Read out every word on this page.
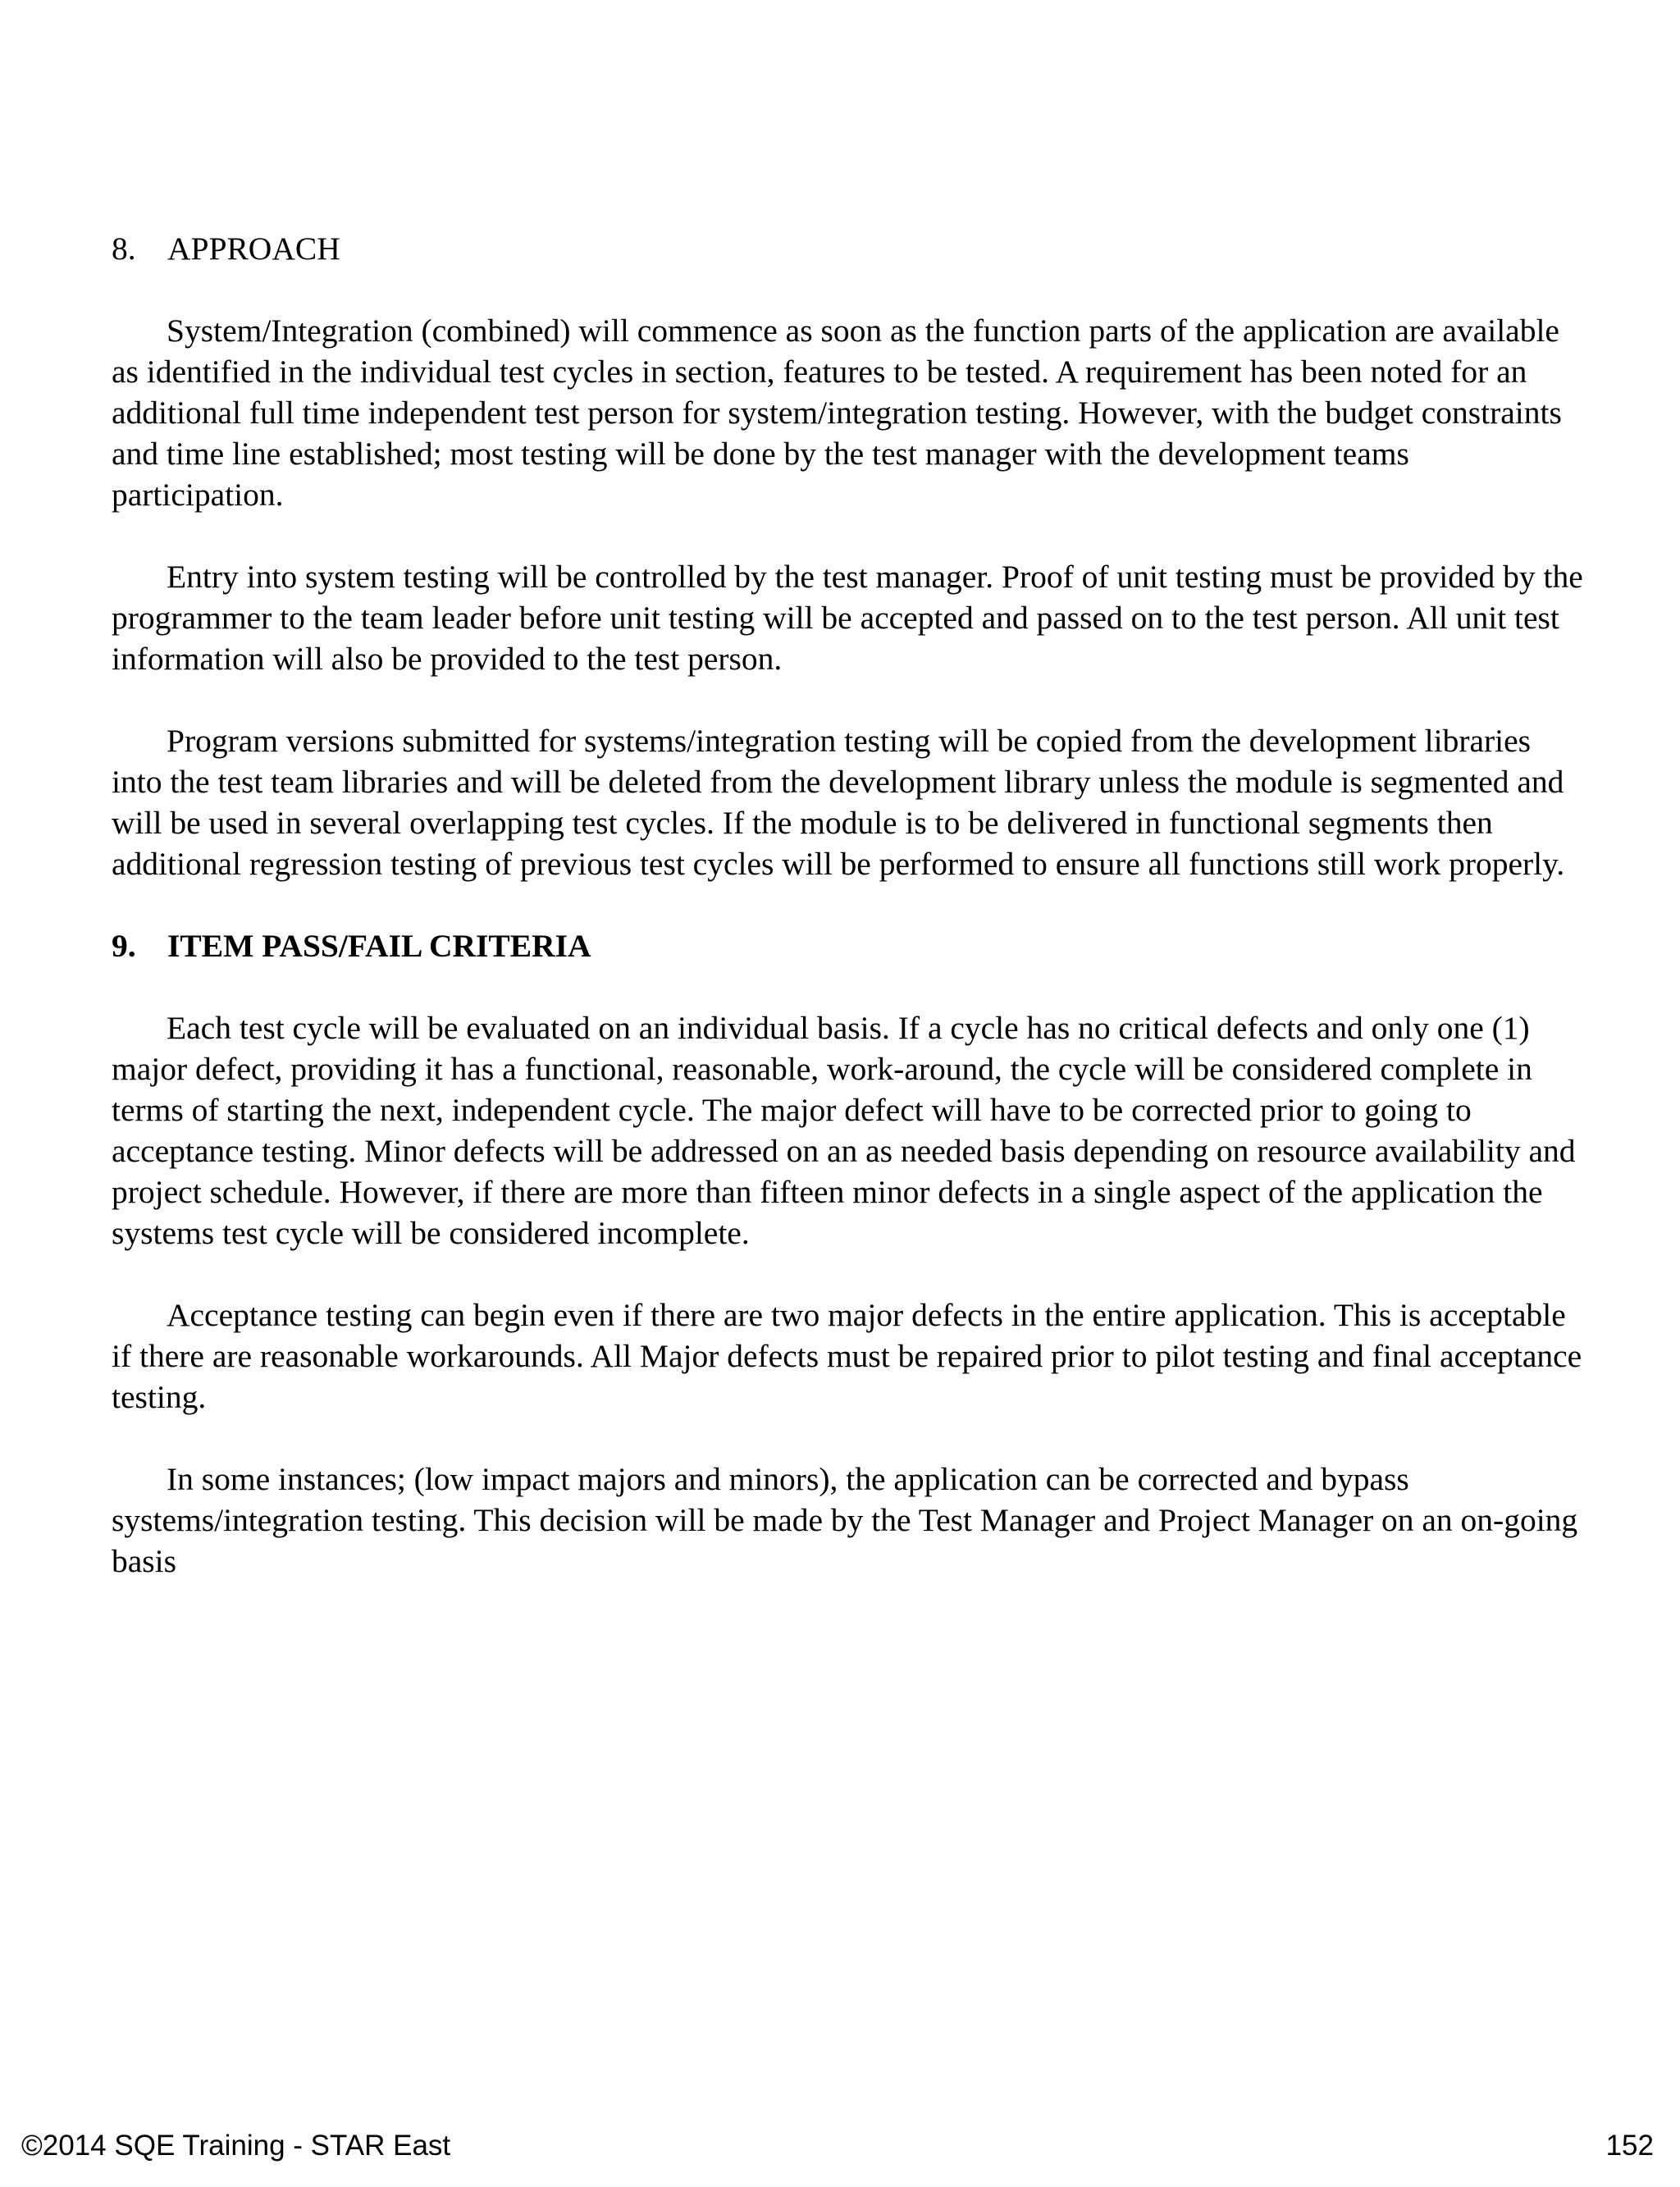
8. APPROACH

System/Integration (combined) will commence as soon as the function parts of the application are available as identified in the individual test cycles in section, features to be tested. A requirement has been noted for an additional full time independent test person for system/integration testing. However, with the budget constraints and time line established; most testing will be done by the test manager with the development teams participation.

Entry into system testing will be controlled by the test manager. Proof of unit testing must be provided by the programmer to the team leader before unit testing will be accepted and passed on to the test person. All unit test information will also be provided to the test person.

Program versions submitted for systems/integration testing will be copied from the development libraries into the test team libraries and will be deleted from the development library unless the module is segmented and will be used in several overlapping test cycles. If the module is to be delivered in functional segments then additional regression testing of previous test cycles will be performed to ensure all functions still work properly.

9. ITEM PASS/FAIL CRITERIA

Each test cycle will be evaluated on an individual basis. If a cycle has no critical defects and only one (1) major defect, providing it has a functional, reasonable, work-around, the cycle will be considered complete in terms of starting the next, independent cycle. The major defect will have to be corrected prior to going to acceptance testing. Minor defects will be addressed on an as needed basis depending on resource availability and project schedule. However, if there are more than fifteen minor defects in a single aspect of the application the systems test cycle will be considered incomplete.

Acceptance testing can begin even if there are two major defects in the entire application. This is acceptable if there are reasonable workarounds. All Major defects must be repaired prior to pilot testing and final acceptance testing.

In some instances; (low impact majors and minors), the application can be corrected and bypass systems/integration testing. This decision will be made by the Test Manager and Project Manager on an on-going basis

©2014 SQE Training - STAR East	152
